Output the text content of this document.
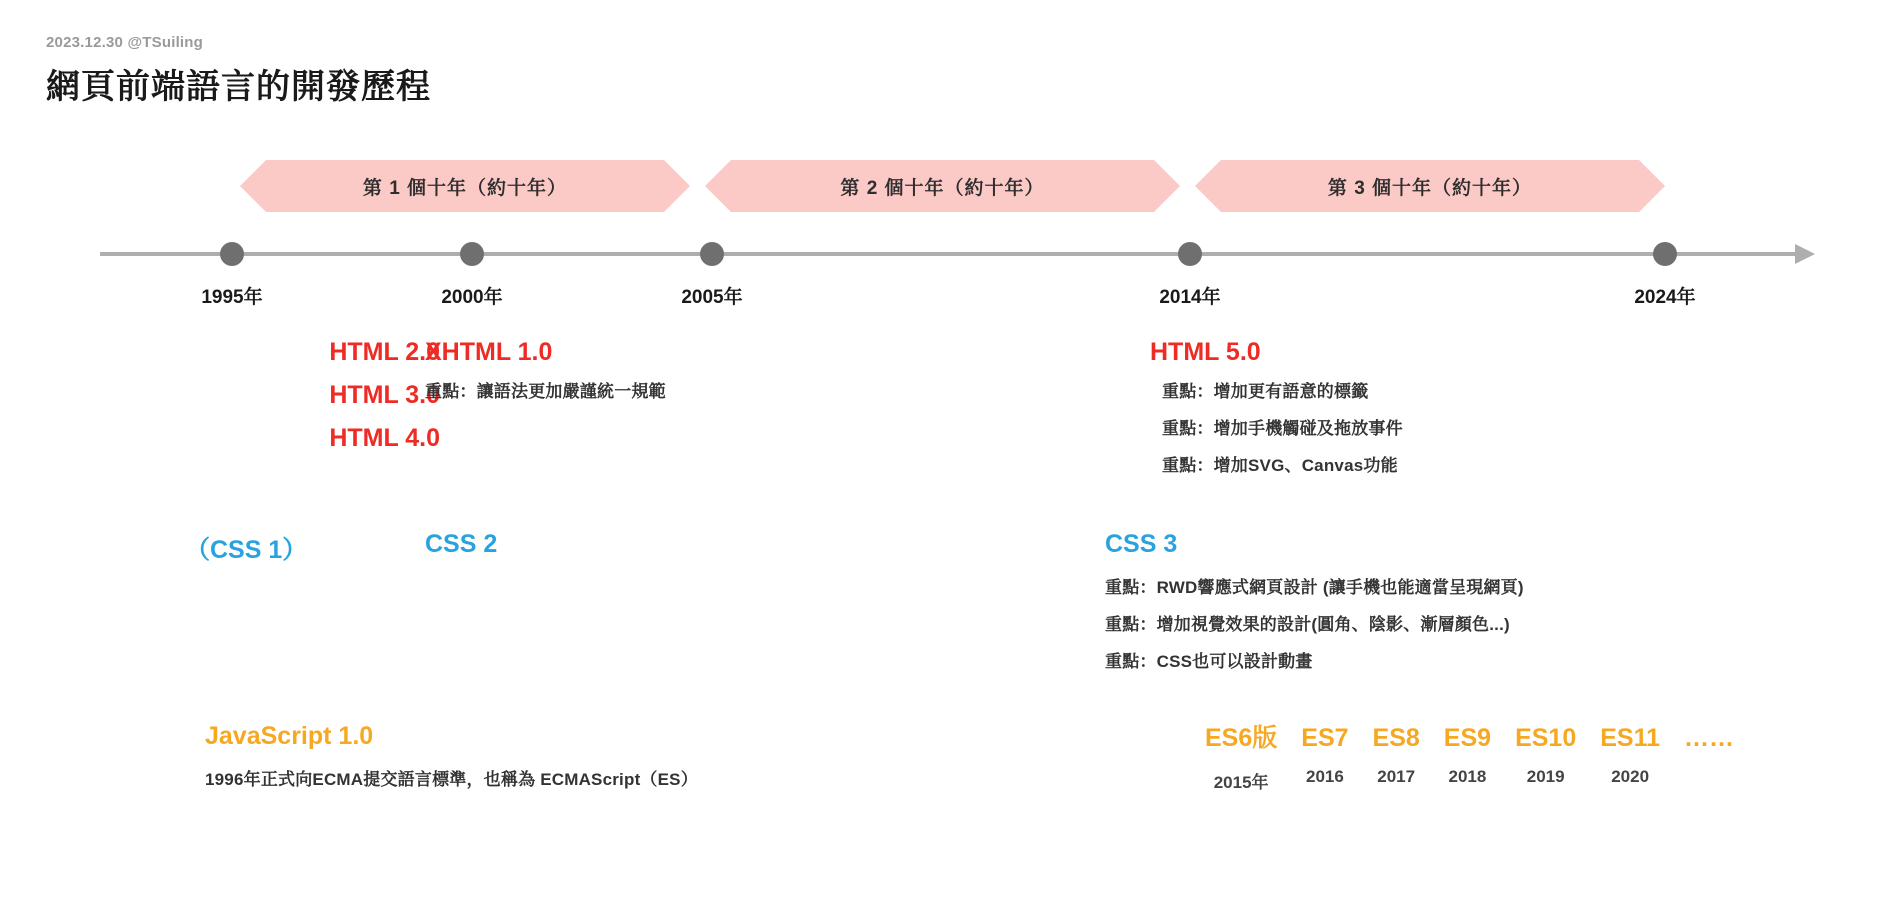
2023.12.30 @TSuiling
網頁前端語言的開發歷程
第 1 個十年（約十年）	第 2 個十年（約十年）	第 3 個十年（約十年）
1995年	2000年	2005年	2014年	2024年
HTML 2.0
HTML 3.0
HTML 4.0
XHTML 1.0
重點：讓語法更加嚴謹統一規範
HTML 5.0
重點：增加更有語意的標籤
重點：增加手機觸碰及拖放事件
重點：增加SVG、Canvas功能
（CSS 1）	CSS 2	CSS 3
重點：RWD響應式網頁設計 (讓手機也能適當呈現網頁)
重點：增加視覺效果的設計(圓角、陰影、漸層顏色...)
重點：CSS也可以設計動畫
JavaScript 1.0
1996年正式向ECMA提交語言標準，也稱為 ECMAScript（ES）
ES6版
2015年
ES7
2016
ES8
2017
ES9
2018
ES10
2019
ES11
2020
……
